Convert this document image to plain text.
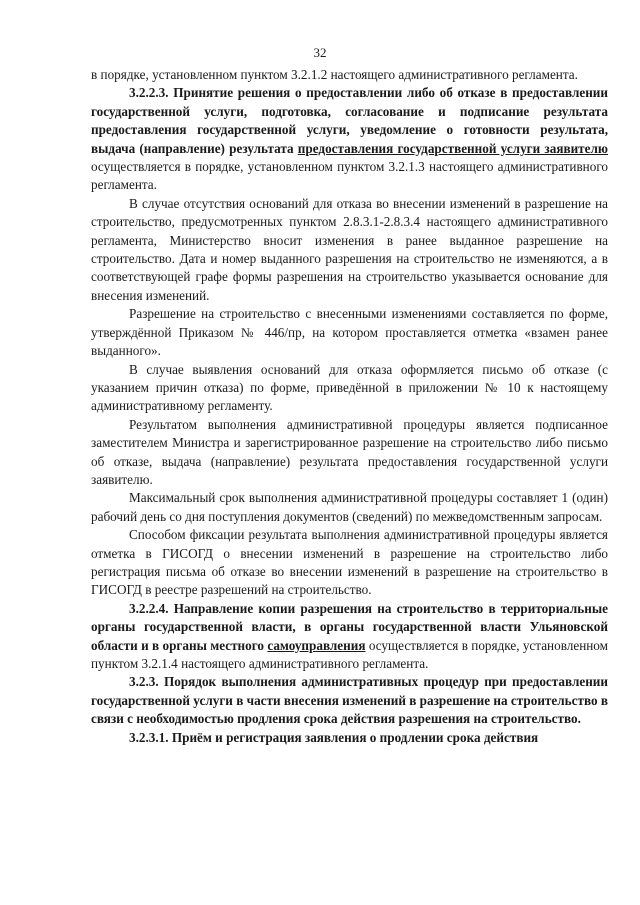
32

в порядке, установленном пунктом 3.2.1.2 настоящего административного регламента.

3.2.2.3. Принятие решения о предоставлении либо об отказе в предоставлении государственной услуги, подготовка, согласование и подписание результата предоставления государственной услуги, уведомление о готовности результата, выдача (направление) результата предоставления государственной услуги заявителю осуществляется в порядке, установленном пунктом 3.2.1.3 настоящего административного регламента.

В случае отсутствия оснований для отказа во внесении изменений в разрешение на строительство, предусмотренных пунктом 2.8.3.1-2.8.3.4 настоящего административного регламента, Министерство вносит изменения в ранее выданное разрешение на строительство. Дата и номер выданного разрешения на строительство не изменяются, а в соответствующей графе формы разрешения на строительство указывается основание для внесения изменений.

Разрешение на строительство с внесенными изменениями составляется по форме, утверждённой Приказом № 446/пр, на котором проставляется отметка «взамен ранее выданного».

В случае выявления оснований для отказа оформляется письмо об отказе (с указанием причин отказа) по форме, приведённой в приложении № 10 к настоящему административному регламенту.

Результатом выполнения административной процедуры является подписанное заместителем Министра и зарегистрированное разрешение на строительство либо письмо об отказе, выдача (направление) результата предоставления государственной услуги заявителю.

Максимальный срок выполнения административной процедуры составляет 1 (один) рабочий день со дня поступления документов (сведений) по межведомственным запросам.

Способом фиксации результата выполнения административной процедуры является отметка в ГИСОГД о внесении изменений в разрешение на строительство либо регистрация письма об отказе во внесении изменений в разрешение на строительство в ГИСОГД в реестре разрешений на строительство.

3.2.2.4. Направление копии разрешения на строительство в территориальные органы государственной власти, в органы государственной власти Ульяновской области и в органы местного самоуправления осуществляется в порядке, установленном пунктом 3.2.1.4 настоящего административного регламента.

3.2.3. Порядок выполнения административных процедур при предоставлении государственной услуги в части внесения изменений в разрешение на строительство в связи с необходимостью продления срока действия разрешения на строительство.

3.2.3.1. Приём и регистрация заявления о продлении срока действия
